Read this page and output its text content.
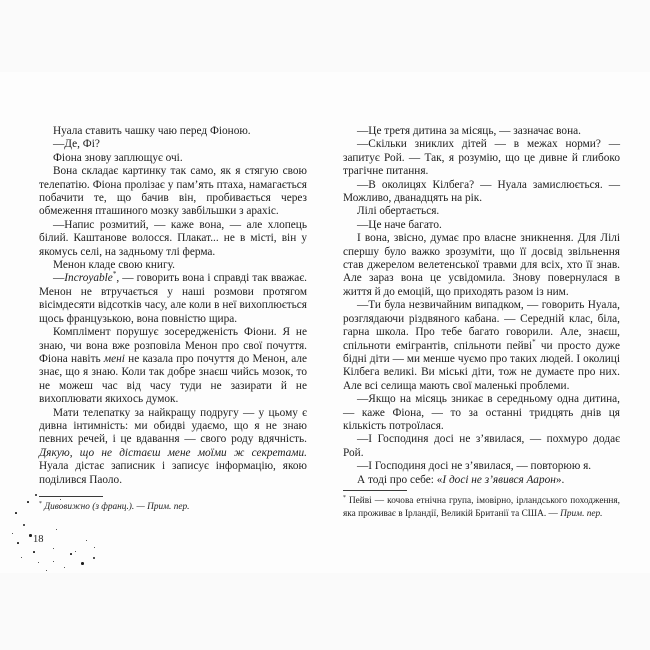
Нуала ставить чашку чаю перед Фіоною.

—Де, Фі?

Фіона знову заплющує очі.

Вона складає картинку так само, як я стягую свою телепатію. Фіона пролізає у пам’ять птаха, намагається побачити те, що бачив він, пробивається через обмеження пташиного мозку завбільшки з арахіс.

—Напис розмитий, — каже вона, — але хлопець білий. Каштанове волосся. Плакат... не в місті, він у якомусь селі, на задньому тлі ферма.

Менон кладе свою книгу.

—Incroyable*, — говорить вона і справді так вважає. Менон не втручається у наші розмови протягом вісімдесяти відсотків часу, але коли в неї вихоплюється щось французькою, вона повністю щира.

Комплімент порушує зосередженість Фіони. Я не знаю, чи вона вже розповіла Менон про свої почуття. Фіона навіть мені не казала про почуття до Менон, але знає, що я знаю. Коли так добре знаєш чийсь мозок, то не можеш час від часу туди не зазирати й не вихоплювати якихось думок.

Мати телепатку за найкращу подругу — у цьому є дивна інтимність: ми обидві удаємо, що я не знаю певних речей, і це вдавання — свого роду вдячність. Дякую, що не дістаєш мене моїми ж секретами. Нуала дістає записник і записує інформацію, якою поділився Паоло.

—Це третя дитина за місяць, — зазначає вона.

—Скільки зниклих дітей — в межах норми? — запитує Рой. — Так, я розумію, що це дивне й глибоко трагічне питання.

—В околицях Кілбега? — Нуала замислюється. — Можливо, дванадцять на рік.

Лілі обертається.

—Це наче багато.

І вона, звісно, думає про власне зникнення. Для Лілі спершу було важко зрозуміти, що її досвід звільнення став джерелом велетенської травми для всіх, хто її знав. Але зараз вона це усвідомила. Знову повернулася в життя й до емоцій, що приходять разом із ним.

—Ти була незвичайним випадком, — говорить Нуала, розглядаючи різдвяного кабана. — Середній клас, біла, гарна школа. Про тебе багато говорили. Але, знаєш, спільноти емігрантів, спільноти пейві* чи просто дуже бідні діти — ми менше чуємо про таких людей. І околиці Кілбега великі. Ви міські діти, тож не думаєте про них. Але всі селища мають свої маленькі проблеми.

—Якщо на місяць зникає в середньому одна дитина, — каже Фіона, — то за останні тридцять днів ця кількість потроїлася.

—І Господиня досі не з’явилася, — похмуро додає Рой.

—І Господиня досі не з’явилася, — повторюю я.

А тоді про себе: «І досі не з’явився Аарон».

* Дивовижно (з франц.). — Прим. пер.
* Пейві — кочова етнічна група, імовірно, ірландського походження, яка проживає в Ірландії, Великій Британії та США. — Прим. пер.
18
